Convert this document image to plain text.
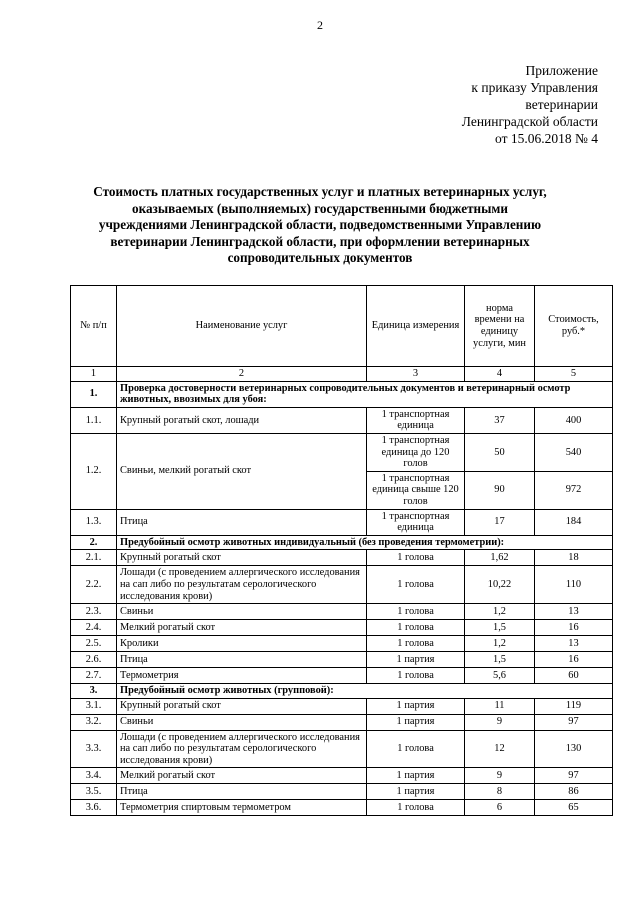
2
Приложение
к приказу Управления
ветеринарии
Ленинградской области
от 15.06.2018 № 4
Стоимость платных государственных услуг и платных ветеринарных услуг, оказываемых (выполняемых) государственными бюджетными учреждениями Ленинградской области, подведомственными Управлению ветеринарии Ленинградской области, при оформлении ветеринарных сопроводительных документов
№ п/п	Наименование услуг	Единица измерения	норма времени на единицу услуги, мин	Стоимость, руб.*
1	2	3	4	5
1.	Проверка достоверности ветеринарных сопроводительных документов и ветеринарный осмотр животных, ввозимых для убоя:			
1.1.	Крупный рогатый скот, лошади	1 транспортная единица	37	400
1.2.	Свиньи, мелкий рогатый скот	1 транспортная единица до 120 голов	50	540
		1 транспортная единица свыше 120 голов	90	972
1.3.	Птица	1 транспортная единица	17	184
2.	Предубойный осмотр животных индивидуальный (без проведения термометрии):			
2.1.	Крупный рогатый скот	1 голова	1,62	18
2.2.	Лошади (с проведением аллергического исследования на сап либо по результатам серологического исследования крови)	1 голова	10,22	110
2.3.	Свиньи	1 голова	1,2	13
2.4.	Мелкий рогатый скот	1 голова	1,5	16
2.5.	Кролики	1 голова	1,2	13
2.6.	Птица	1 партия	1,5	16
2.7.	Термометрия	1 голова	5,6	60
3.	Предубойный осмотр животных (групповой):			
3.1.	Крупный рогатый скот	1 партия	11	119
3.2.	Свиньи	1 партия	9	97
3.3.	Лошади (с проведением аллергического исследования на сап либо по результатам серологического исследования крови)	1 голова	12	130
3.4.	Мелкий рогатый скот	1 партия	9	97
3.5.	Птица	1 партия	8	86
3.6.	Термометрия спиртовым термометром	1 голова	6	65
